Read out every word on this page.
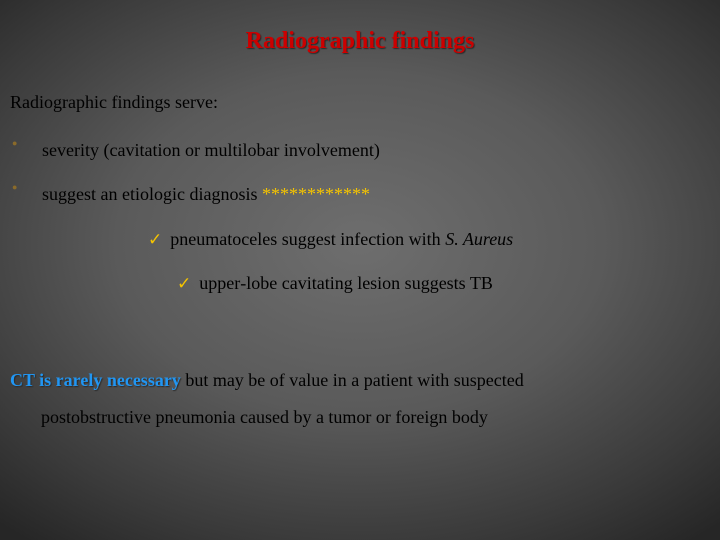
Radiographic findings
Radiographic findings serve:
● severity (cavitation or multilobar involvement)
● suggest an etiologic diagnosis ************
✓ pneumatoceles suggest infection with S. Aureus
✓ upper‑lobe cavitating lesion suggests TB
CT is rarely necessary but may be of value in a patient with suspected
postobstructive pneumonia caused by a tumor or foreign body
